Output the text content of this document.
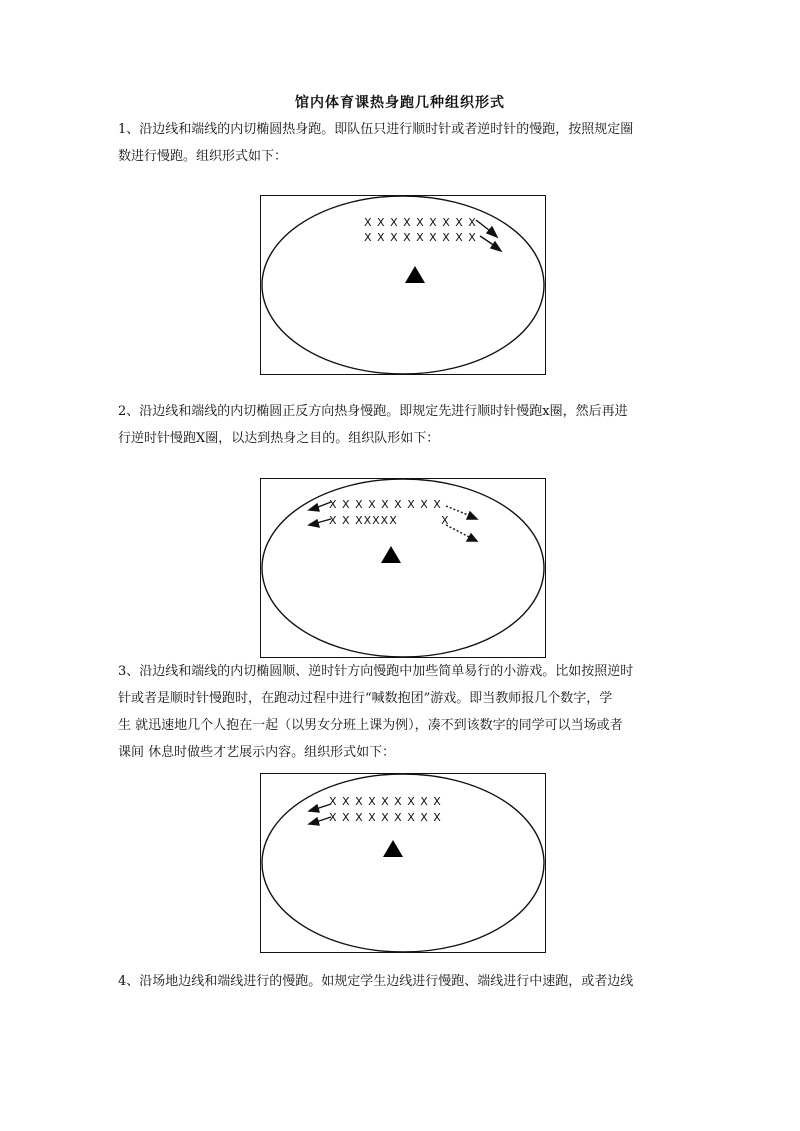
馆内体育课热身跑几种组织形式
1、沿边线和端线的内切椭圆热身跑。即队伍只进行顺时针或者逆时针的慢跑，按照规定圈
数进行慢跑。组织形式如下：
X X X X X X X X X
X X X X X X X X X
2、沿边线和端线的内切椭圆正反方向热身慢跑。即规定先进行顺时针慢跑x圈，然后再进
行逆时针慢跑X圈，以达到热身之目的。组织队形如下：
X X X X X X X X X
X X XXXXX	X
3、沿边线和端线的内切椭圆顺、逆时针方向慢跑中加些简单易行的小游戏。比如按照逆时
针或者是顺时针慢跑时，在跑动过程中进行“喊数抱团”游戏。即当教师报几个数字，学
生 就迅速地几个人抱在一起（以男女分班上课为例），凑不到该数字的同学可以当场或者
课间 休息时做些才艺展示内容。组织形式如下：
X X X X X X X X X
X X X X X X X X X
4、沿场地边线和端线进行的慢跑。如规定学生边线进行慢跑、端线进行中速跑，或者边线
